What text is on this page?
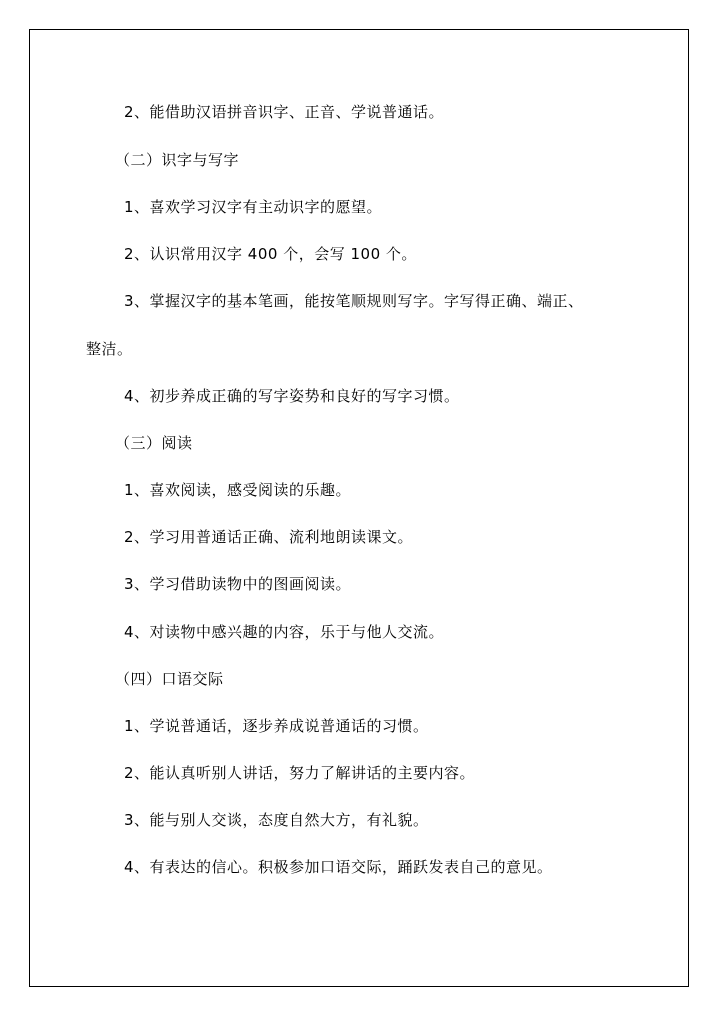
2、能借助汉语拼音识字、正音、学说普通话。
（二）识字与写字
1、喜欢学习汉字有主动识字的愿望。
2、认识常用汉字 400 个，会写 100 个。
3、掌握汉字的基本笔画，能按笔顺规则写字。字写得正确、端正、
整洁。
4、初步养成正确的写字姿势和良好的写字习惯。
（三）阅读
1、喜欢阅读，感受阅读的乐趣。
2、学习用普通话正确、流利地朗读课文。
3、学习借助读物中的图画阅读。
4、对读物中感兴趣的内容，乐于与他人交流。
（四）口语交际
1、学说普通话，逐步养成说普通话的习惯。
2、能认真听别人讲话，努力了解讲话的主要内容。
3、能与别人交谈，态度自然大方，有礼貌。
4、有表达的信心。积极参加口语交际，踊跃发表自己的意见。
